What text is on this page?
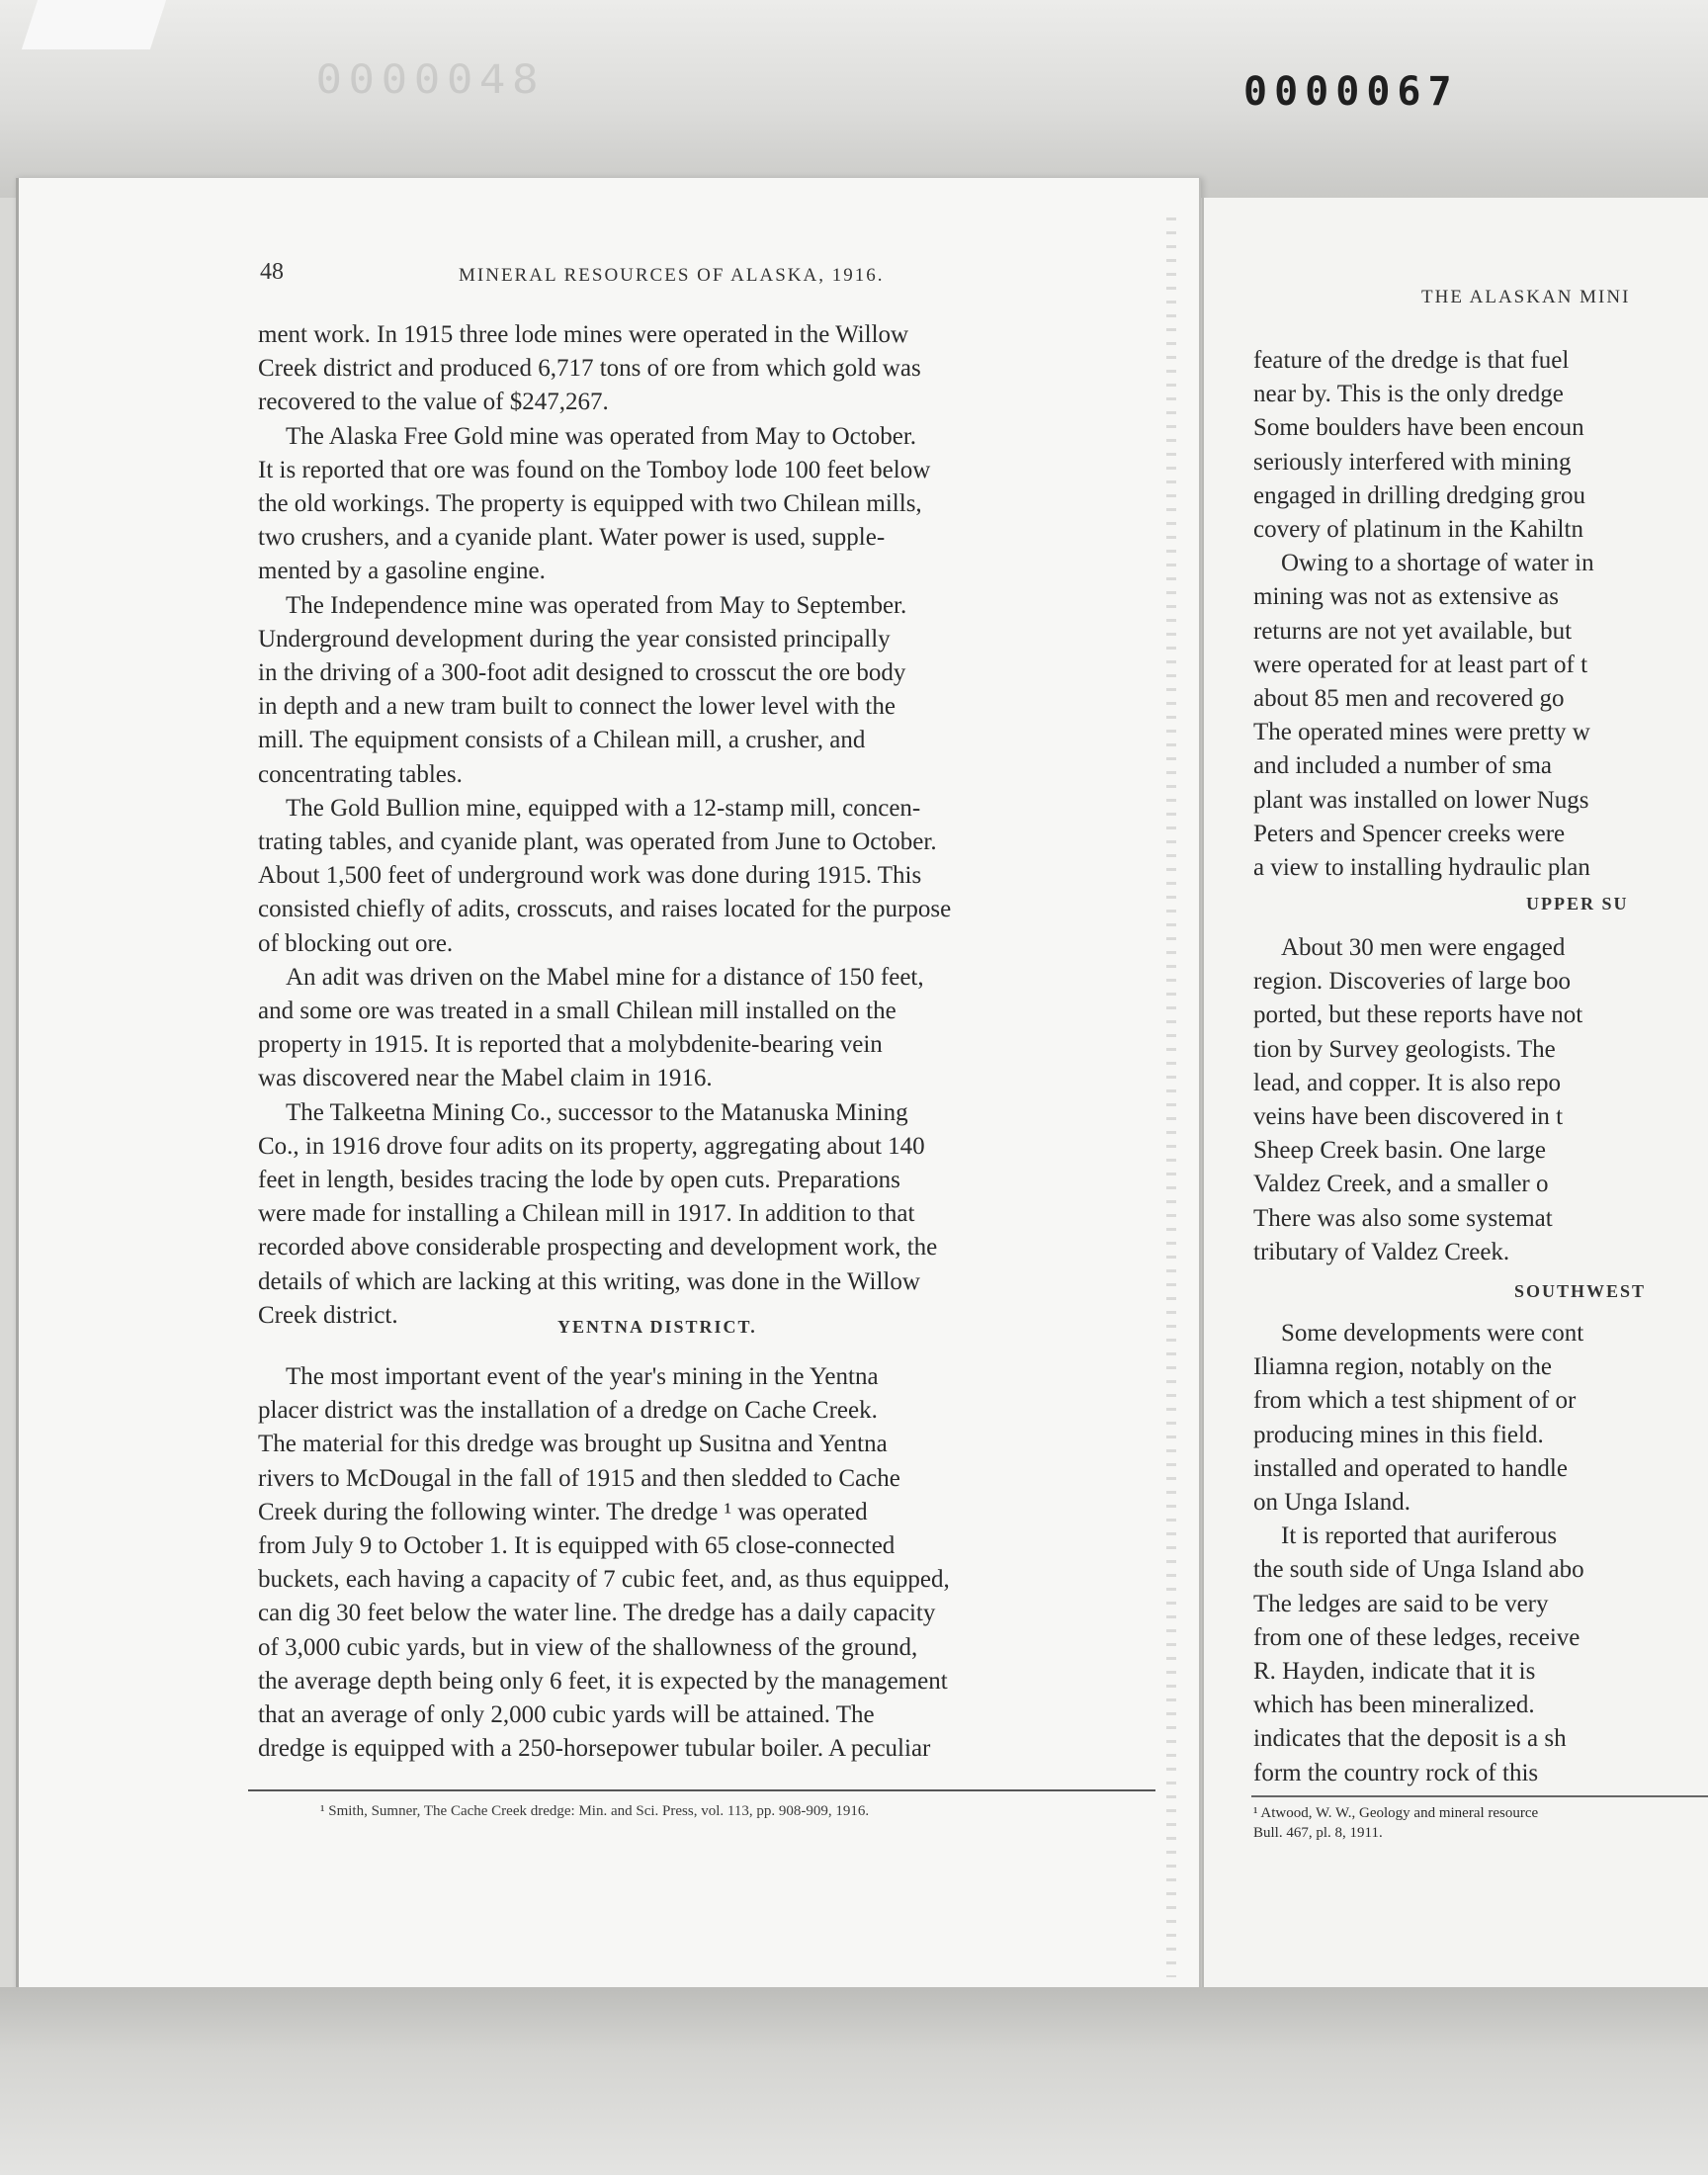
0000048	0000067
48	MINERAL RESOURCES OF ALASKA, 1916.
ment work. In 1915 three lode mines were operated in the Willow
Creek district and produced 6,717 tons of ore from which gold was
recovered to the value of $247,267.
The Alaska Free Gold mine was operated from May to October.
It is reported that ore was found on the Tomboy lode 100 feet below
the old workings. The property is equipped with two Chilean mills,
two crushers, and a cyanide plant. Water power is used, supple-
mented by a gasoline engine.
The Independence mine was operated from May to September.
Underground development during the year consisted principally
in the driving of a 300-foot adit designed to crosscut the ore body
in depth and a new tram built to connect the lower level with the
mill. The equipment consists of a Chilean mill, a crusher, and
concentrating tables.
The Gold Bullion mine, equipped with a 12-stamp mill, concen-
trating tables, and cyanide plant, was operated from June to October.
About 1,500 feet of underground work was done during 1915. This
consisted chiefly of adits, crosscuts, and raises located for the purpose
of blocking out ore.
An adit was driven on the Mabel mine for a distance of 150 feet,
and some ore was treated in a small Chilean mill installed on the
property in 1915. It is reported that a molybdenite-bearing vein
was discovered near the Mabel claim in 1916.
The Talkeetna Mining Co., successor to the Matanuska Mining
Co., in 1916 drove four adits on its property, aggregating about 140
feet in length, besides tracing the lode by open cuts. Preparations
were made for installing a Chilean mill in 1917. In addition to that
recorded above considerable prospecting and development work, the
details of which are lacking at this writing, was done in the Willow
Creek district.	YENTNA DISTRICT.
The most important event of the year's mining in the Yentna
placer district was the installation of a dredge on Cache Creek.
The material for this dredge was brought up Susitna and Yentna
rivers to McDougal in the fall of 1915 and then sledded to Cache
Creek during the following winter. The dredge ¹ was operated
from July 9 to October 1. It is equipped with 65 close-connected
buckets, each having a capacity of 7 cubic feet, and, as thus equipped,
can dig 30 feet below the water line. The dredge has a daily capacity
of 3,000 cubic yards, but in view of the shallowness of the ground,
the average depth being only 6 feet, it is expected by the management
that an average of only 2,000 cubic yards will be attained. The
dredge is equipped with a 250-horsepower tubular boiler. A peculiar
¹ Smith, Sumner, The Cache Creek dredge: Min. and Sci. Press, vol. 113, pp. 908-909, 1916.
THE ALASKAN MINI
feature of the dredge is that fuel
near by. This is the only dredge
Some boulders have been encoun
seriously interfered with mining
engaged in drilling dredging grou
covery of platinum in the Kahiltn
Owing to a shortage of water in
mining was not as extensive as
returns are not yet available, but
were operated for at least part of t
about 85 men and recovered go
The operated mines were pretty w
and included a number of sma
plant was installed on lower Nugs
Peters and Spencer creeks were
a view to installing hydraulic plan
UPPER SU
About 30 men were engaged
region. Discoveries of large boo
ported, but these reports have not
tion by Survey geologists. The
lead, and copper. It is also repo
veins have been discovered in t
Sheep Creek basin. One large
Valdez Creek, and a smaller o
There was also some systemat
tributary of Valdez Creek.
SOUTHWEST
Some developments were cont
Iliamna region, notably on the
from which a test shipment of or
producing mines in this field.
installed and operated to handle
on Unga Island.
It is reported that auriferous
the south side of Unga Island abo
The ledges are said to be very
from one of these ledges, receive
R. Hayden, indicate that it is
which has been mineralized.
indicates that the deposit is a sh
form the country rock of this
¹ Atwood, W. W., Geology and mineral resource
Bull. 467, pl. 8, 1911.
